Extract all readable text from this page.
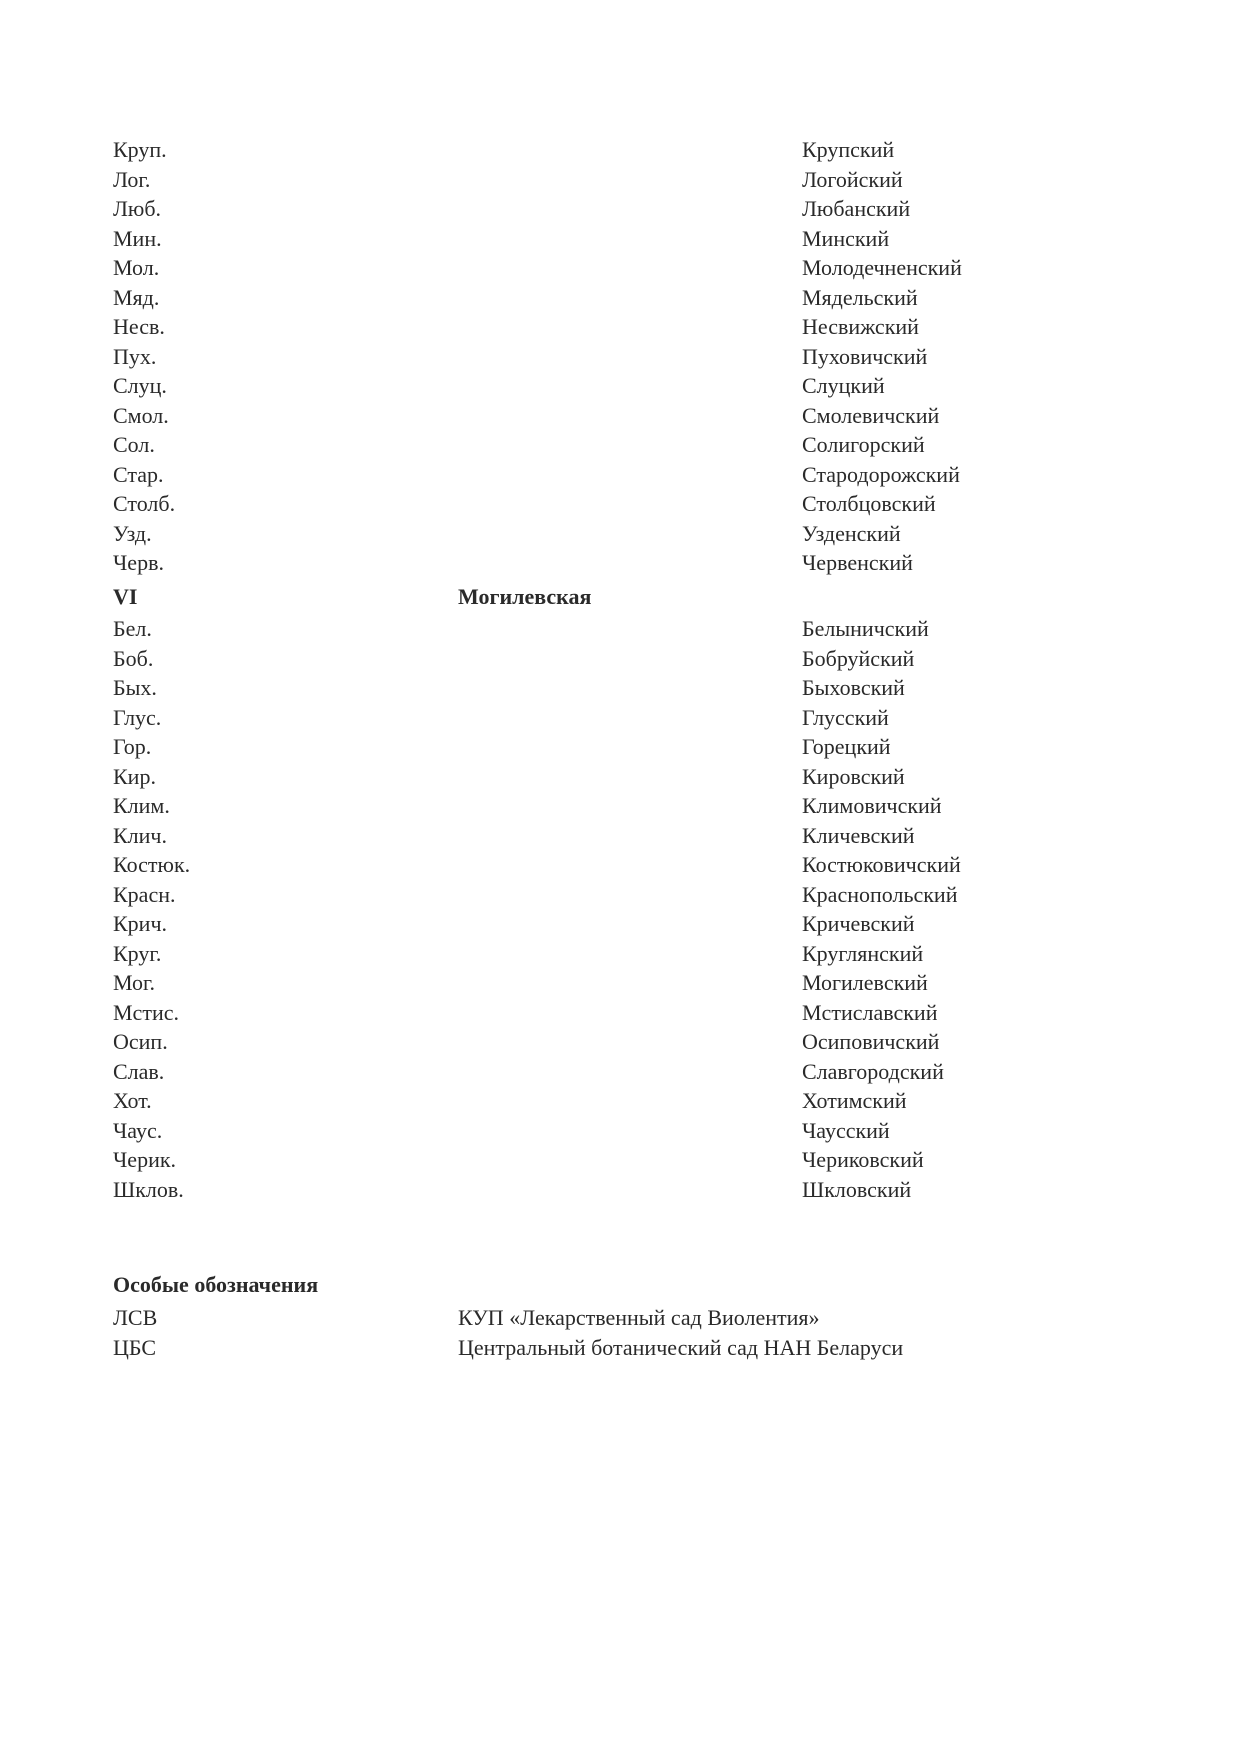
Круп.	Крупский
Лог.	Логойский
Люб.	Любанский
Мин.	Минский
Мол.	Молодечненский
Мяд.	Мядельский
Несв.	Несвижский
Пух.	Пуховичский
Слуц.	Слуцкий
Смол.	Смолевичский
Сол.	Солигорский
Стар.	Стародорожский
Столб.	Столбцовский
Узд.	Узденский
Черв.	Червенский
VI	Могилевская
Бел.	Белыничский
Боб.	Бобруйский
Быx.	Быховский
Глус.	Глусский
Гор.	Горецкий
Кир.	Кировский
Клим.	Климовичский
Клич.	Кличевский
Костюк.	Костюковичский
Красн.	Краснопольский
Крич.	Кричевский
Круг.	Круглянский
Мог.	Могилевский
Мстис.	Мстиславский
Осип.	Осиповичский
Слав.	Славгородский
Хот.	Хотимский
Чаус.	Чаусский
Черик.	Чериковский
Шклов.	Шкловский
Особые обозначения
ЛСВ	КУП «Лекарственный сад Виолентия»
ЦБС	Центральный ботанический сад НАН Беларуси
